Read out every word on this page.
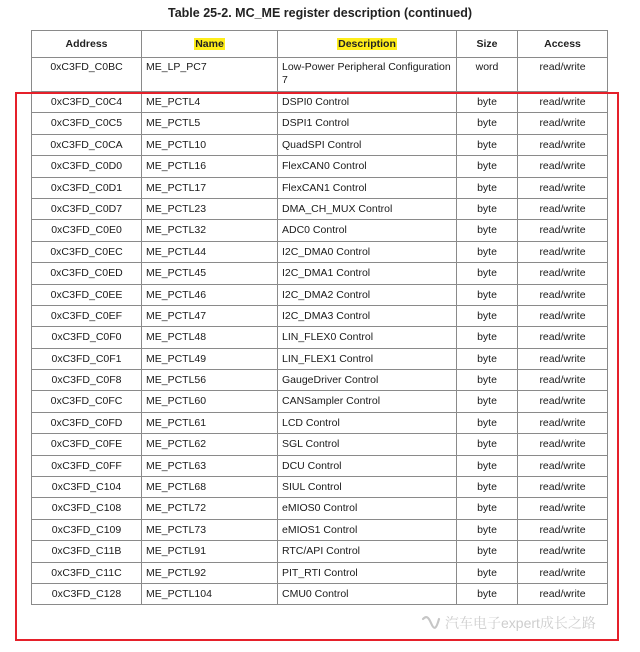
Table 25-2. MC_ME register description (continued)
Address	Name	Description	Size	Access
0xC3FD_C0BC	ME_LP_PC7	Low-Power Peripheral Configuration 7	word	read/write
0xC3FD_C0C4	ME_PCTL4	DSPI0 Control	byte	read/write
0xC3FD_C0C5	ME_PCTL5	DSPI1 Control	byte	read/write
0xC3FD_C0CA	ME_PCTL10	QuadSPI Control	byte	read/write
0xC3FD_C0D0	ME_PCTL16	FlexCAN0 Control	byte	read/write
0xC3FD_C0D1	ME_PCTL17	FlexCAN1 Control	byte	read/write
0xC3FD_C0D7	ME_PCTL23	DMA_CH_MUX Control	byte	read/write
0xC3FD_C0E0	ME_PCTL32	ADC0 Control	byte	read/write
0xC3FD_C0EC	ME_PCTL44	I2C_DMA0 Control	byte	read/write
0xC3FD_C0ED	ME_PCTL45	I2C_DMA1 Control	byte	read/write
0xC3FD_C0EE	ME_PCTL46	I2C_DMA2 Control	byte	read/write
0xC3FD_C0EF	ME_PCTL47	I2C_DMA3 Control	byte	read/write
0xC3FD_C0F0	ME_PCTL48	LIN_FLEX0 Control	byte	read/write
0xC3FD_C0F1	ME_PCTL49	LIN_FLEX1 Control	byte	read/write
0xC3FD_C0F8	ME_PCTL56	GaugeDriver Control	byte	read/write
0xC3FD_C0FC	ME_PCTL60	CANSampler Control	byte	read/write
0xC3FD_C0FD	ME_PCTL61	LCD Control	byte	read/write
0xC3FD_C0FE	ME_PCTL62	SGL Control	byte	read/write
0xC3FD_C0FF	ME_PCTL63	DCU Control	byte	read/write
0xC3FD_C104	ME_PCTL68	SIUL Control	byte	read/write
0xC3FD_C108	ME_PCTL72	eMIOS0 Control	byte	read/write
0xC3FD_C109	ME_PCTL73	eMIOS1 Control	byte	read/write
0xC3FD_C11B	ME_PCTL91	RTC/API Control	byte	read/write
0xC3FD_C11C	ME_PCTL92	PIT_RTI Control	byte	read/write
0xC3FD_C128	ME_PCTL104	CMU0 Control	byte	read/write
汽车电子expert成长之路
